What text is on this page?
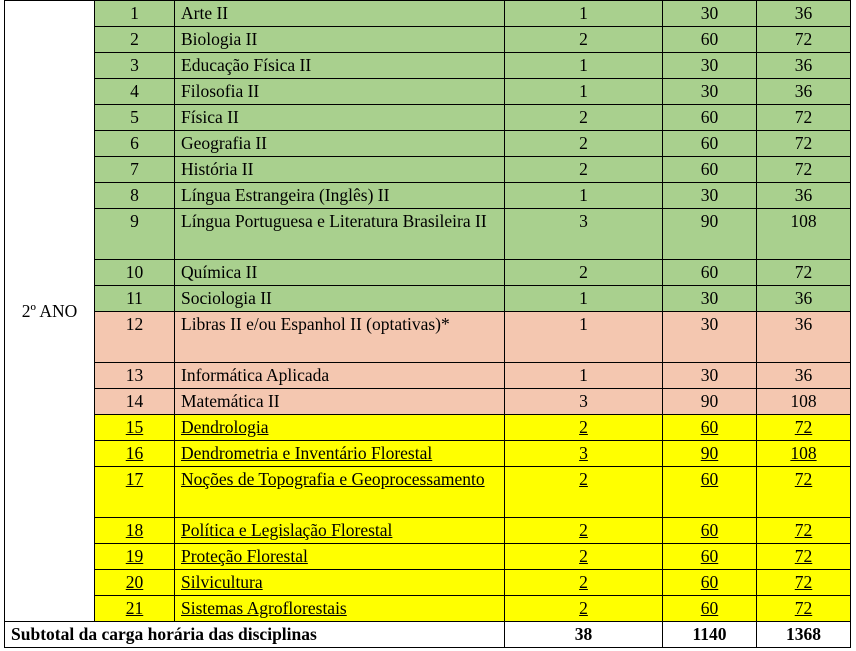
2º ANO	1	Arte II	1	30	36
	2	Biologia II	2	60	72
	3	Educação Física II	1	30	36
	4	Filosofia II	1	30	36
	5	Física II	2	60	72
	6	Geografia II	2	60	72
	7	História II	2	60	72
	8	Língua Estrangeira (Inglês) II	1	30	36
	9	Língua Portuguesa e Literatura Brasileira II	3	90	108
	10	Química II	2	60	72
	11	Sociologia II	1	30	36
	12	Libras II e/ou Espanhol II (optativas)*	1	30	36
	13	Informática Aplicada	1	30	36
	14	Matemática II	3	90	108
	15	Dendrologia	2	60	72
	16	Dendrometria e Inventário Florestal	3	90	108
	17	Noções de Topografia e Geoprocessamento	2	60	72
	18	Política e Legislação Florestal	2	60	72
	19	Proteção Florestal	2	60	72
	20	Silvicultura	2	60	72
	21	Sistemas Agroflorestais	2	60	72
Subtotal da carga horária das disciplinas			38	1140	1368
